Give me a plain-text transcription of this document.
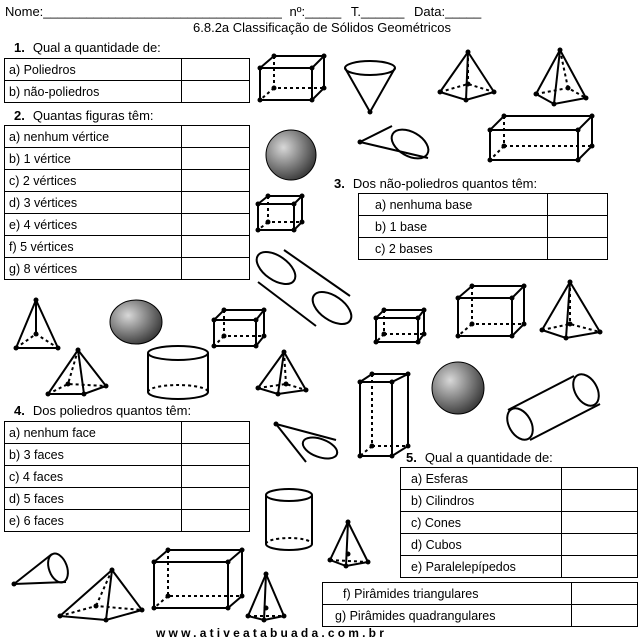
Nome:_________________________________ nº:_____ T.______ Data:_____
6.8.2a Classificação de Sólidos Geométricos
1. Qual a quantidade de:
a) Poliedros	
b) não-poliedros	
2. Quantas figuras têm:
a) nenhum vértice	
b) 1 vértice	
c) 2 vértices	
d) 3 vértices	
e) 4 vértices	
f) 5 vértices	
g) 8 vértices	
3. Dos não-poliedros quantos têm:
a) nenhuma base	
b) 1 base	
c) 2 bases	
4. Dos poliedros quantos têm:
a) nenhum face	
b) 3 faces	
c) 4 faces	
d) 5 faces	
e) 6 faces	
5. Qual a quantidade de:
a) Esferas	
b) Cilindros	
c) Cones	
d) Cubos	
e) Paralelepípedos	
f) Pirâmides triangulares	
g) Pirâmides quadrangulares	
www.ativeatabuada.com.br
